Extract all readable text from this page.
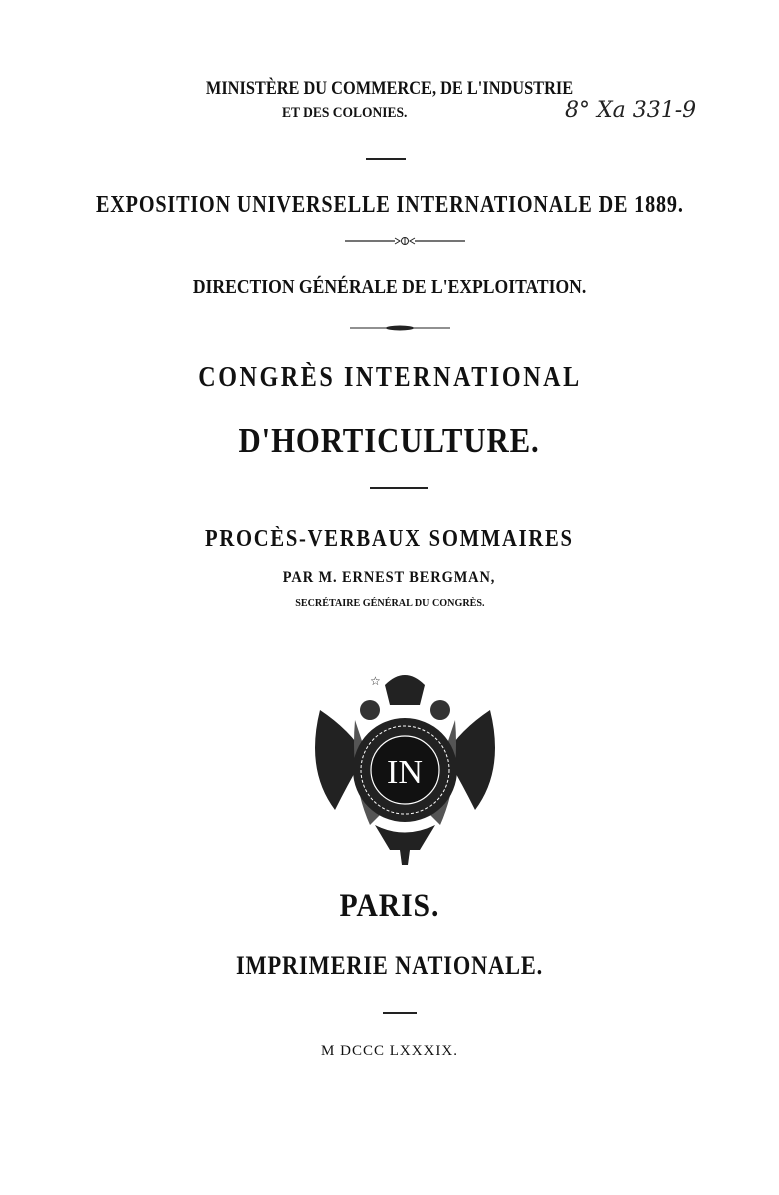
MINISTÈRE DU COMMERCE, DE L'INDUSTRIE
ET DES COLONIES.	8° Xa 331-9
EXPOSITION UNIVERSELLE INTERNATIONALE DE 1889.
DIRECTION GÉNÉRALE DE L'EXPLOITATION.
CONGRÈS INTERNATIONAL
D'HORTICULTURE.
PROCÈS-VERBAUX SOMMAIRES
PAR M. ERNEST BERGMAN,
SECRÉTAIRE GÉNÉRAL DU CONGRÈS.
☆
IN
PARIS.
IMPRIMERIE NATIONALE.
M DCCC LXXXIX.
